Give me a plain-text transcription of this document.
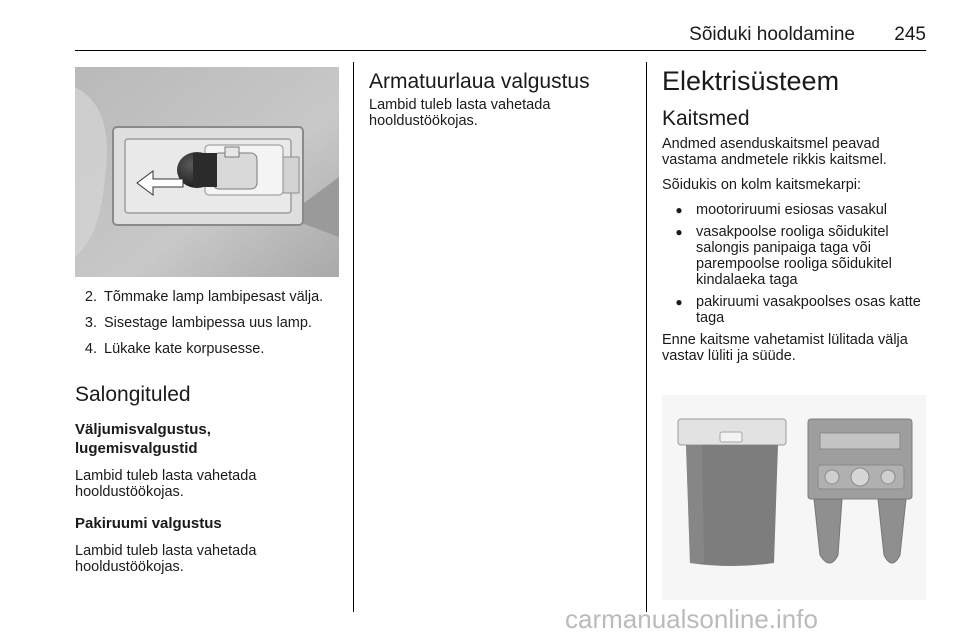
Sõiduki hooldamine	245
2. Tõmmake lamp lambipesast välja.
3. Sisestage lambipessa uus lamp.
4. Lükake kate korpusesse.
Salongituled
Väljumisvalgustus,
lugemisvalgustid

Lambid tuleb lasta vahetada hooldustöökojas.

Pakiruumi valgustus

Lambid tuleb lasta vahetada hooldustöökojas.

Armatuurlaua valgustus

Lambid tuleb lasta vahetada hooldustöökojas.

Elektrisüsteem
Kaitsmed

Andmed asenduskaitsmel peavad vastama andmetele rikkis kaitsmel.

Sõidukis on kolm kaitsmekarpi:

● mootoriruumi esiosas vasakul
● vasakpoolse rooliga sõidukitel salongis panipaiga taga või parempoolse rooliga sõidukitel kindalaeka taga
● pakiruumi vasakpoolses osas katte taga

Enne kaitsme vahetamist lülitada välja vastav lüliti ja süüde.

carmanualsonline.info
